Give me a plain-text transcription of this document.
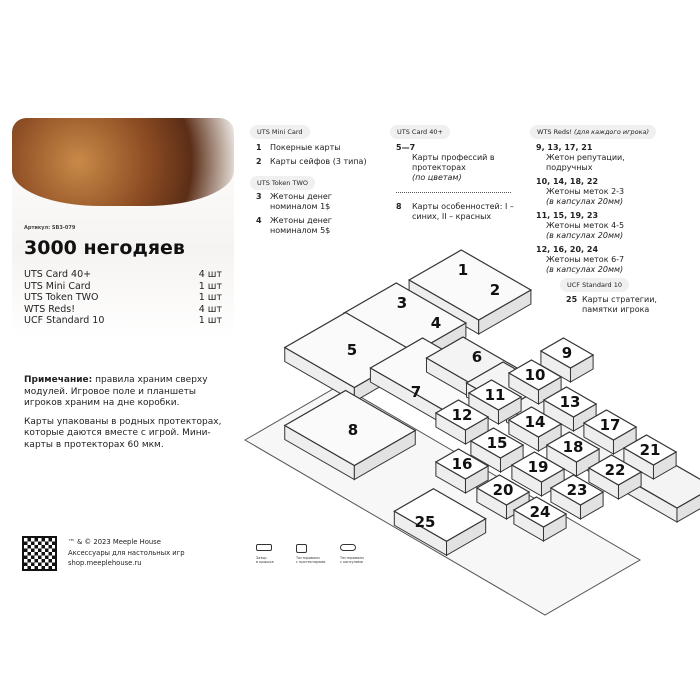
Артикул: SB3-079
3000 негодяев
UTS Card 40+	4 шт
UTS Mini Card	1 шт
UTS Token TWO	1 шт
WTS Reds!	4 шт
UCF Standard 10	1 шт

Примечание: правила храним сверху модулей. Игровое поле и планшеты игроков храним на дне коробки.

Карты упакованы в родных протекторах, которые даются вместе с игрой. Мини-карты в протекторах 60 мкм.

UTS Mini Card
1	Покерные карты
2	Карты сейфов (3 типа)
UTS Token TWO
3	Жетоны денег номиналом 1$
4	Жетоны денег номиналом 5$
UTS Card 40+
5—7
Карты профессий в протекторах
(по цветам)
8	Карты особенностей: I – синих, II – красных
WTS Reds! (для каждого игрока)
9, 13, 17, 21
Жетон репутации, подручных
10, 14, 18, 22
Жетоны меток 2-3
(в капсулах 20мм)
11, 15, 19, 23
Жетоны меток 4-5
(в капсулах 20мм)
12, 16, 20, 24
Жетоны меток 6-7
(в капсулах 20мм)
UCF Standard 10
25 Карты стратегии, памятки игрока
1
2
3
4
5	6
7
8
9
10
11
12
13
14
15
16
17
18
19
20
21
22
23
24
25
™ & © 2023 Meeple House
Аксессуары для настольных игр
shop.meeplehouse.ru
Зазор
в крышке
Тестировали
с протекторами
Тестировали
с капсулами
